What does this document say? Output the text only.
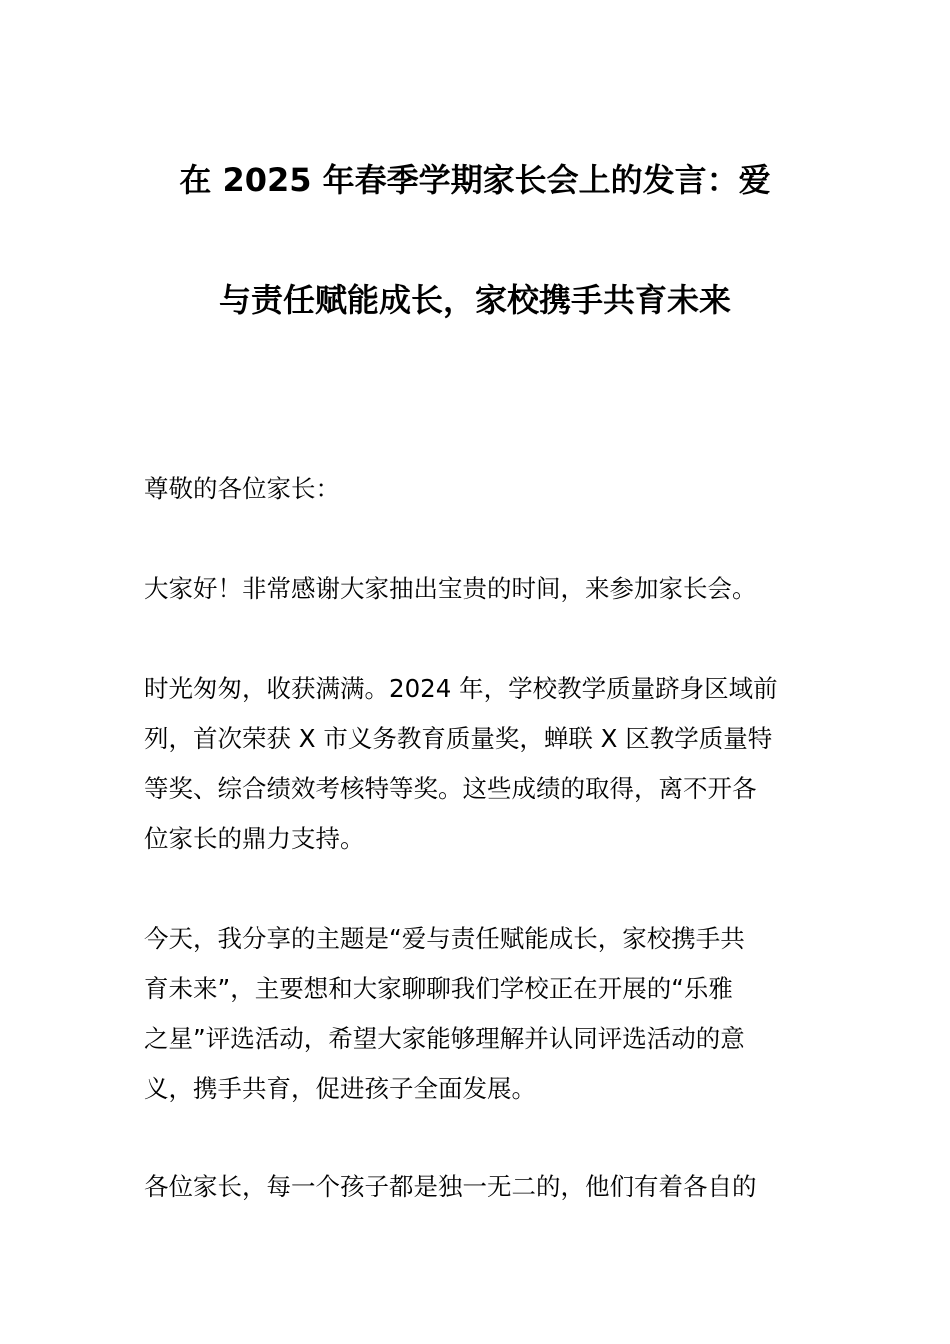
在 2025 年春季学期家长会上的发言：爱
与责任赋能成长，家校携手共育未来

尊敬的各位家长：

大家好！非常感谢大家抽出宝贵的时间，来参加家长会。

时光匆匆，收获满满。2024 年，学校教学质量跻身区域前
列，首次荣获 X 市义务教育质量奖，蝉联 X 区教学质量特
等奖、综合绩效考核特等奖。这些成绩的取得，离不开各
位家长的鼎力支持。

今天，我分享的主题是“爱与责任赋能成长，家校携手共
育未来”，主要想和大家聊聊我们学校正在开展的“乐雅
之星”评选活动，希望大家能够理解并认同评选活动的意
义，携手共育，促进孩子全面发展。

各位家长，每一个孩子都是独一无二的，他们有着各自的
